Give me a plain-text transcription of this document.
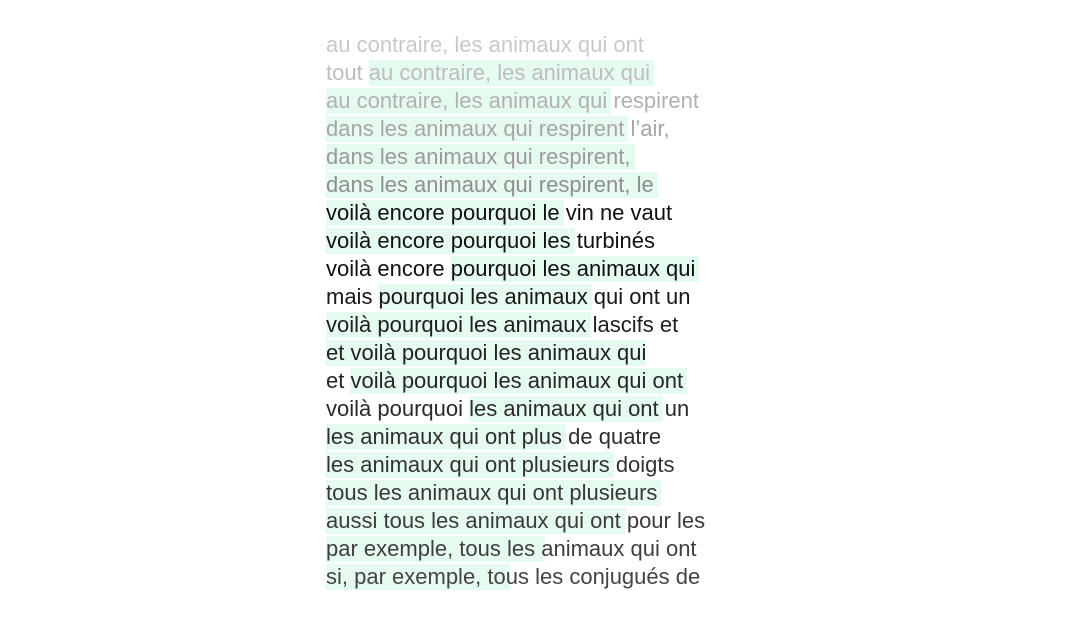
au contraire, les animaux qui ont
tout au contraire, les animaux qui
au contraire, les animaux qui respirent
dans les animaux qui respirent l’air,
dans les animaux qui respirent,
dans les animaux qui respirent, le
voilà encore pourquoi le vin ne vaut
voilà encore pourquoi les turbinés
voilà encore pourquoi les animaux qui
mais pourquoi les animaux qui ont un
voilà pourquoi les animaux lascifs et
et voilà pourquoi les animaux qui
et voilà pourquoi les animaux qui ont
voilà pourquoi les animaux qui ont un
les animaux qui ont plus de quatre
les animaux qui ont plusieurs doigts
tous les animaux qui ont plusieurs
aussi tous les animaux qui ont pour les
par exemple, tous les animaux qui ont
si, par exemple, tous les conjugués de
